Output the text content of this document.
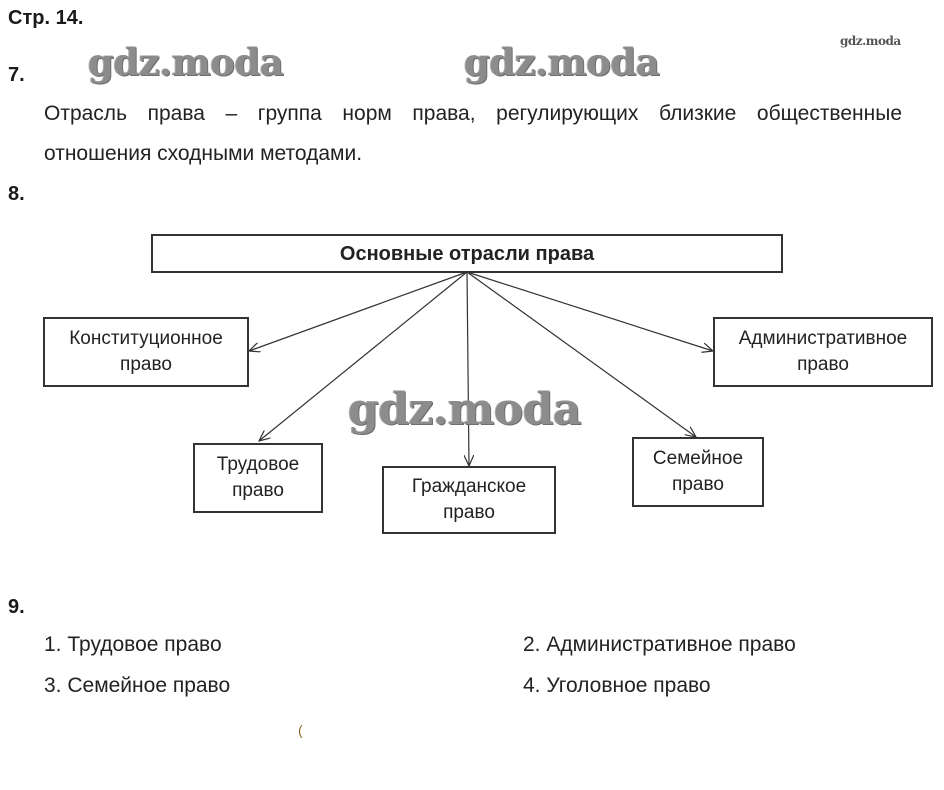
Стр. 14.
gdz.moda
7. gdz.moda	gdz.moda
Отрасль права – группа норм права, регулирующих близкие общественные
отношения сходными методами.
8.
Основные отрасли права
Конституционное
право
Административное
право
Трудовое
право	Гражданское
право
Семейное
право
gdz.moda
9.
1. Трудовое право	2. Административное право
3. Семейное право	4. Уголовное право
(
